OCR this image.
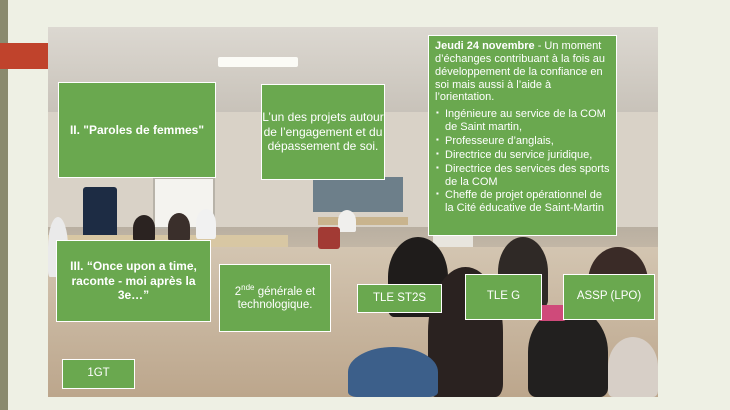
II. "Paroles de femmes"
L’un des projets autour de l’engagement et du dépassement de soi.
Jeudi 24 novembre - Un moment d’échanges contribuant à la fois au développement de la confiance en soi mais aussi à l’aide à l’orientation.
▪ Ingénieure au service de la COM de Saint martin,
▪ Professeure d’anglais,
▪ Directrice du service juridique,
▪ Directrice des services des sports de la COM
▪ Cheffe de projet opérationnel de la Cité éducative de Saint-Martin
III. “Once upon a time, raconte - moi après la 3e…”	2nde générale et technologique.
TLE ST2S	TLE G	ASSP (LPO)
1GT
